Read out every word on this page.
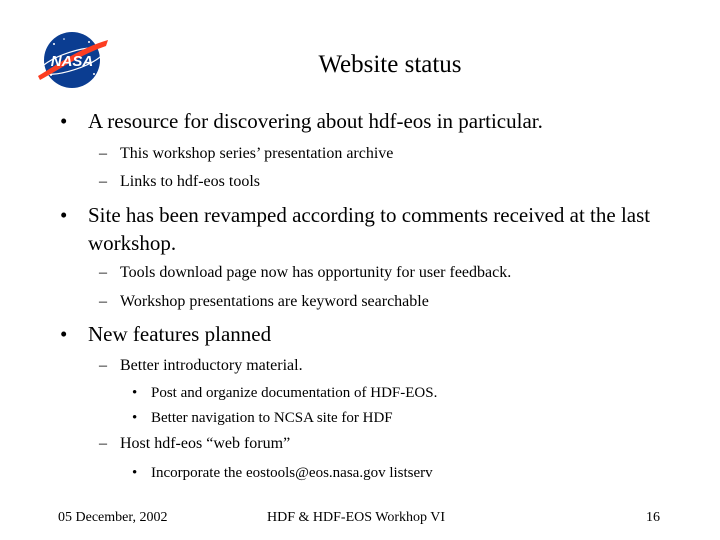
NASA	Website status
• A resource for discovering about hdf-eos in particular.
– This workshop series’ presentation archive
– Links to hdf-eos tools
• Site has been revamped according to comments received at the last workshop.
– Tools download page now has opportunity for user feedback.
– Workshop presentations are keyword searchable
• New features planned
– Better introductory material.
• Post and organize documentation of HDF-EOS.
• Better navigation to NCSA site for HDF
– Host hdf-eos “web forum”
• Incorporate the eostools@eos.nasa.gov listserv
05 December, 2002	HDF & HDF-EOS Workhop VI	16
